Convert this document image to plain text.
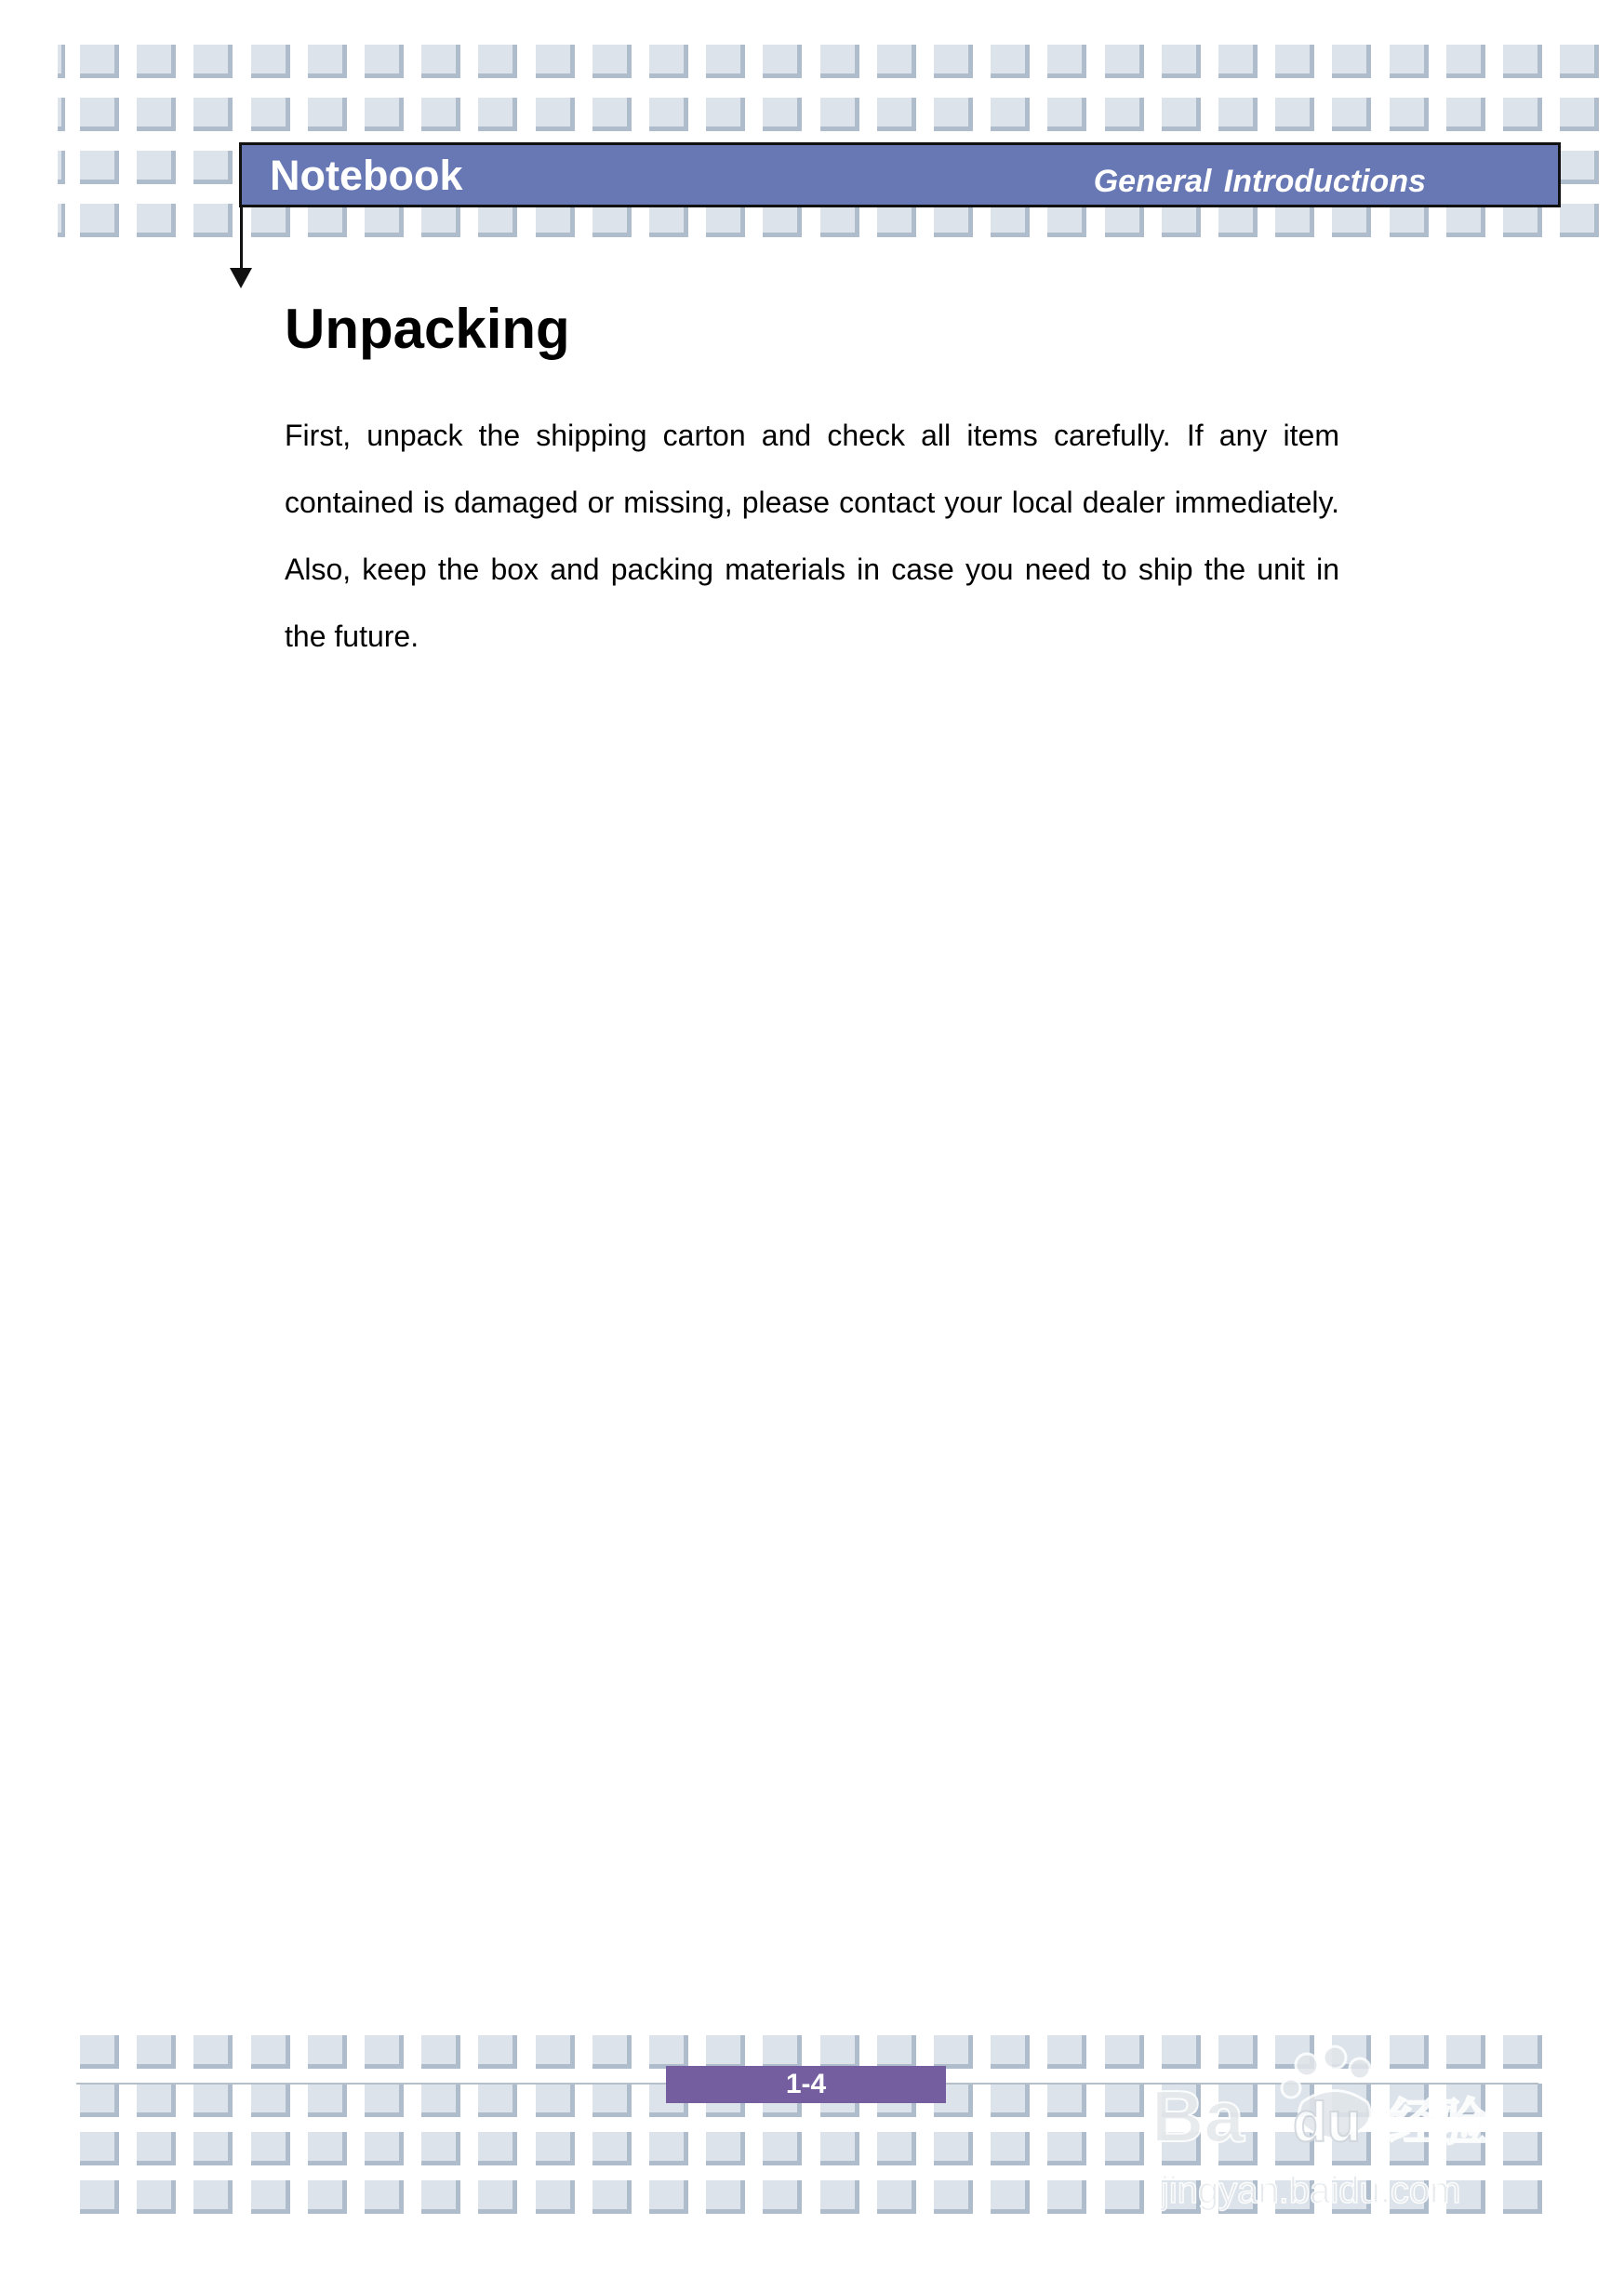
Notebook	General Introductions
Unpacking

First, unpack the shipping carton and check all items carefully. If any item contained is damaged or missing, please contact your local dealer immediately. Also, keep the box and packing materials in case you need to ship the unit in the future.

1-4	Ba du 经验
jingyan.baidu.com
